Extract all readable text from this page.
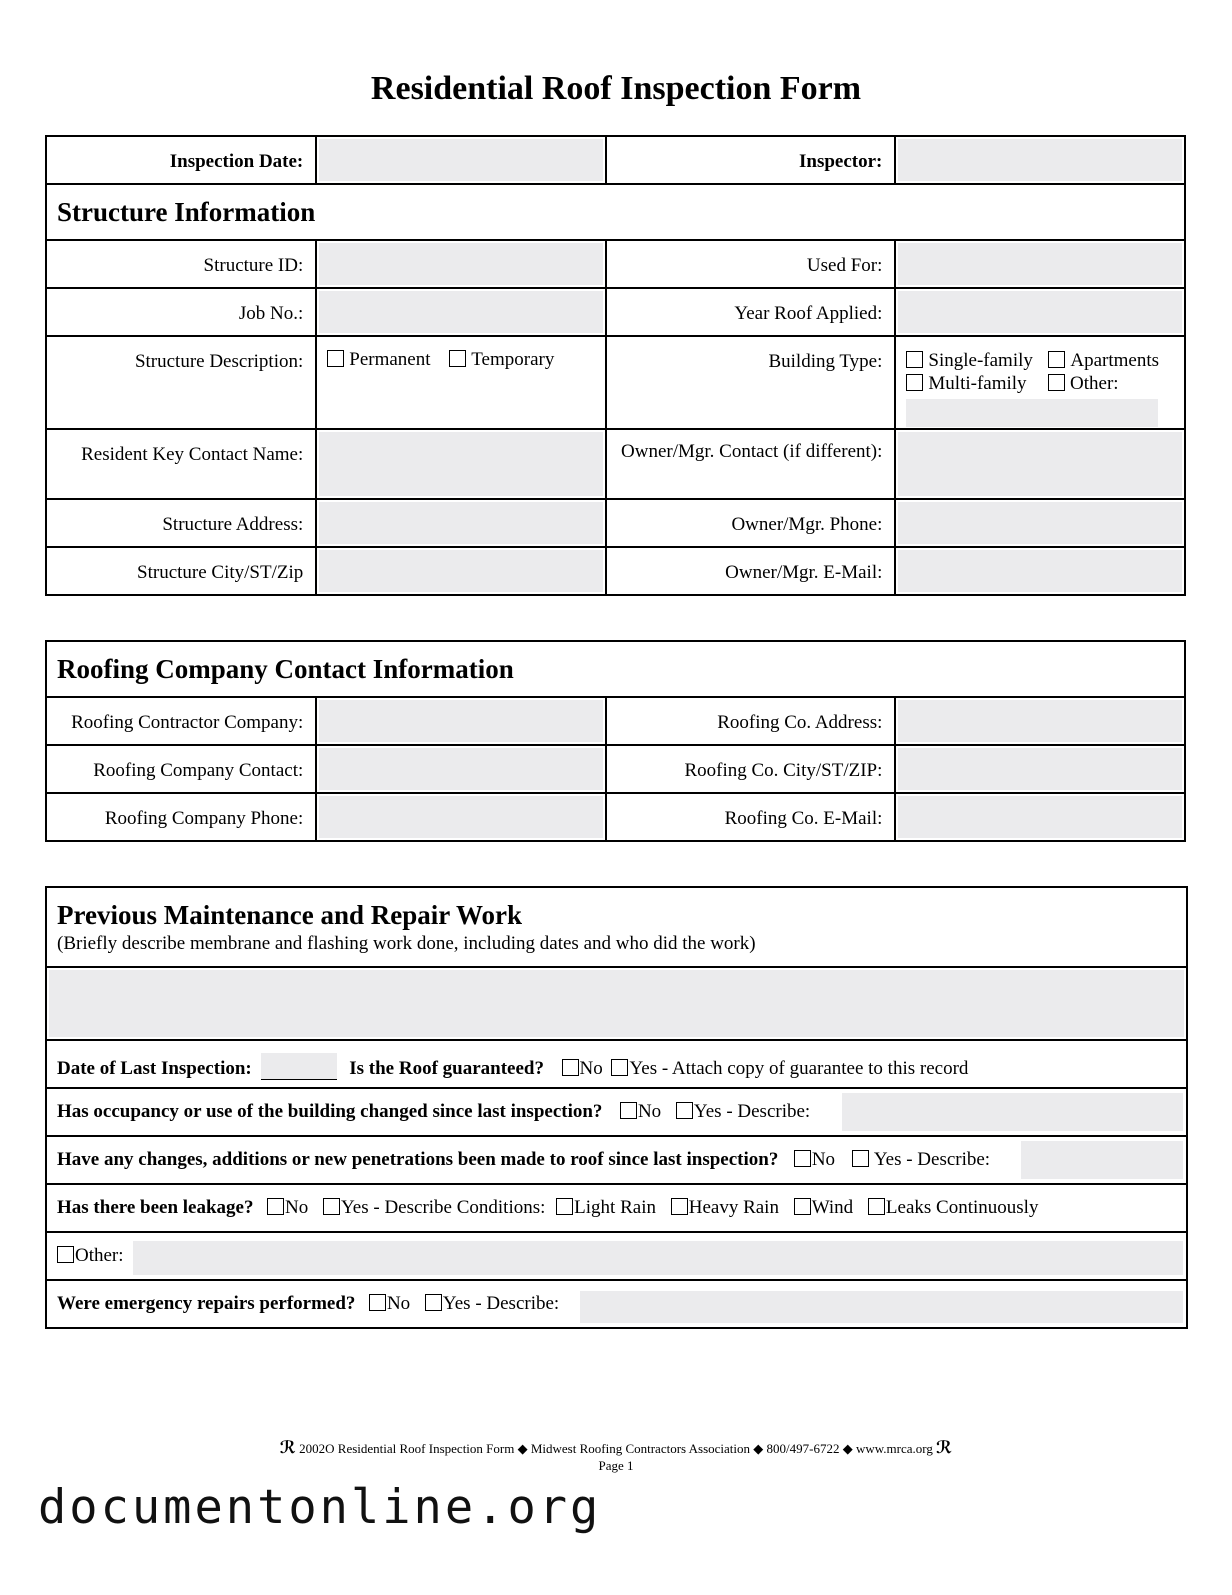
Residential Roof Inspection Form
Inspection Date:		Inspector:	

Structure Information			

Structure ID:		Used For:	

Job No.:		Year Roof Applied:	

Structure Description:	Permanent Temporary	Building Type:	Single-family Apartments
Multi-family Other:

Resident Key Contact Name:		Owner/Mgr. Contact (if different):	

Structure Address:		Owner/Mgr. Phone:	

Structure City/ST/Zip		Owner/Mgr. E-Mail:	
Roofing Company Contact Information			

Roofing Contractor Company:		Roofing Co. Address:	

Roofing Company Contact:		Roofing Co. City/ST/ZIP:	

Roofing Company Phone:		Roofing Co. E-Mail:	
Previous Maintenance and Repair Work
(Briefly describe membrane and flashing work done, including dates and who did the work)

Date of Last Inspection:	Is the Roof guaranteed? No Yes - Attach copy of guarantee to this record
Has occupancy or use of the building changed since last inspection? No Yes - Describe:

Have any changes, additions or new penetrations been made to roof since last inspection? No Yes - Describe:

Has there been leakage? No Yes - Describe Conditions: Light Rain Heavy Rain Wind Leaks Continuously
Other:

Were emergency repairs performed? No Yes - Describe:
ℛ 2002O Residential Roof Inspection Form ◆ Midwest Roofing Contractors Association ◆ 800/497-6722 ◆ www.mrca.org ℛ
Page 1
documentonline.org
